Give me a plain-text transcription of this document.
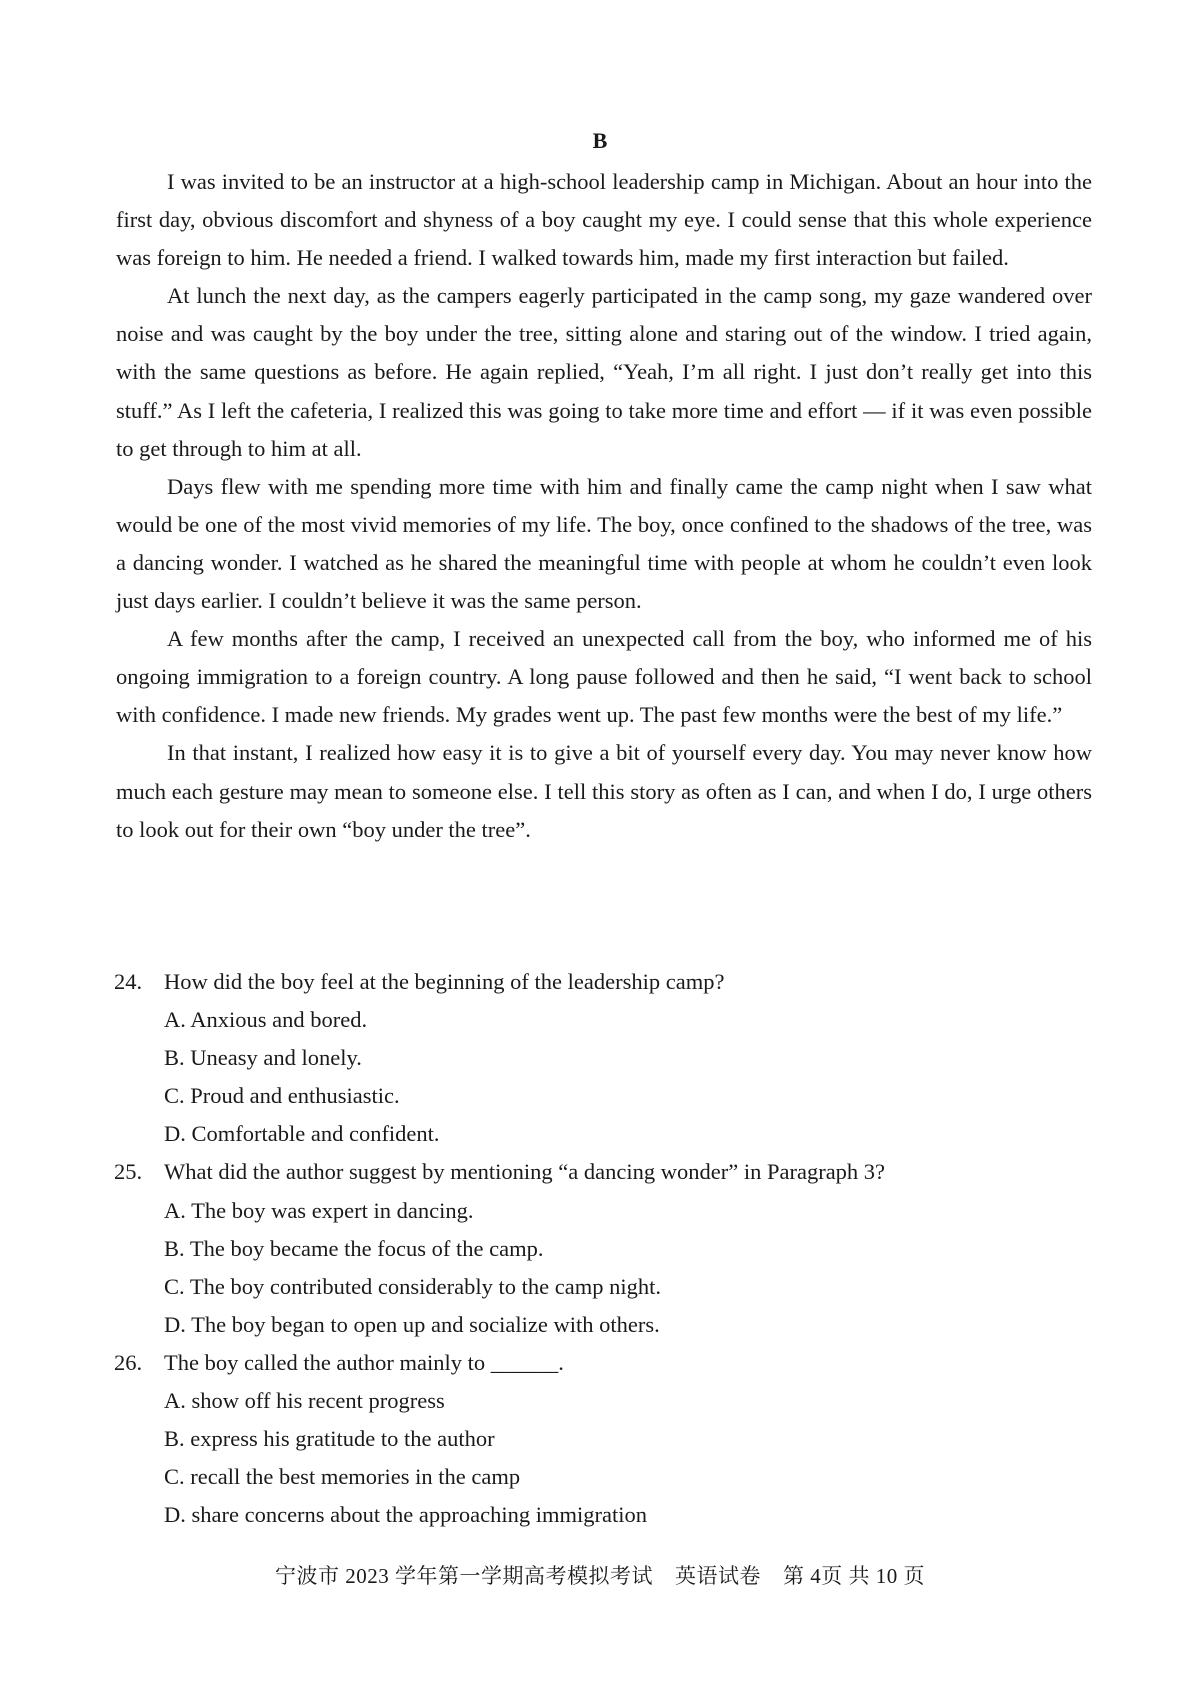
B

I was invited to be an instructor at a high-school leadership camp in Michigan. About an hour into the first day, obvious discomfort and shyness of a boy caught my eye. I could sense that this whole experience was foreign to him. He needed a friend. I walked towards him, made my first interaction but failed.

At lunch the next day, as the campers eagerly participated in the camp song, my gaze wandered over noise and was caught by the boy under the tree, sitting alone and staring out of the window. I tried again, with the same questions as before. He again replied, “Yeah, I’m all right. I just don’t really get into this stuff.” As I left the cafeteria, I realized this was going to take more time and effort — if it was even possible to get through to him at all.

Days flew with me spending more time with him and finally came the camp night when I saw what would be one of the most vivid memories of my life. The boy, once confined to the shadows of the tree, was a dancing wonder. I watched as he shared the meaningful time with people at whom he couldn’t even look just days earlier. I couldn’t believe it was the same person.

A few months after the camp, I received an unexpected call from the boy, who informed me of his ongoing immigration to a foreign country. A long pause followed and then he said, “I went back to school with confidence. I made new friends. My grades went up. The past few months were the best of my life.”

In that instant, I realized how easy it is to give a bit of yourself every day. You may never know how much each gesture may mean to someone else. I tell this story as often as I can, and when I do, I urge others to look out for their own “boy under the tree”.

24. How did the boy feel at the beginning of the leadership camp?
A. Anxious and bored.
B. Uneasy and lonely.
C. Proud and enthusiastic.
D. Comfortable and confident.
25. What did the author suggest by mentioning “a dancing wonder” in Paragraph 3?
A. The boy was expert in dancing.
B. The boy became the focus of the camp.
C. The boy contributed considerably to the camp night.
D. The boy began to open up and socialize with others.
26. The boy called the author mainly to ______.
A. show off his recent progress
B. express his gratitude to the author
C. recall the best memories in the camp
D. share concerns about the approaching immigration
宁波市 2023 学年第一学期高考模拟考试 英语试卷 第 4页 共 10 页
